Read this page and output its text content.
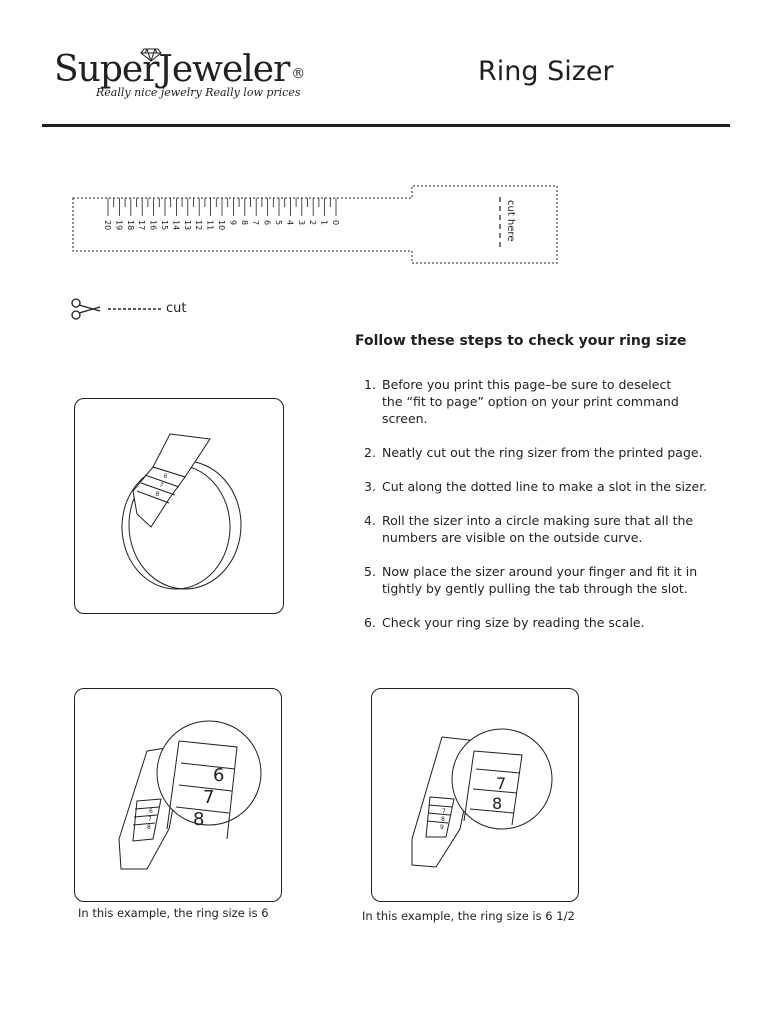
SuperJeweler ®
Really nice jewelry Really low prices
Ring Sizer
20 19 18 17 16 15 14 13 12 11 10 9 8 7 6 5 4 3 2 1 0	cut here
cut
Follow these steps to check your ring size
1. Before you print this page–be sure to deselect
the “fit to page” option on your print command
screen.
2. Neatly cut out the ring sizer from the printed page.
3. Cut along the dotted line to make a slot in the sizer.
4. Roll the sizer into a circle making sure that all the
numbers are visible on the outside curve.
5. Now place the sizer around your finger and fit it in
tightly by gently pulling the tab through the slot.
6. Check your ring size by reading the scale.
6
7
8
6
7
8
6
7
8
In this example, the ring size is 6
7
8
9
7
8
In this example, the ring size is 6 1/2
